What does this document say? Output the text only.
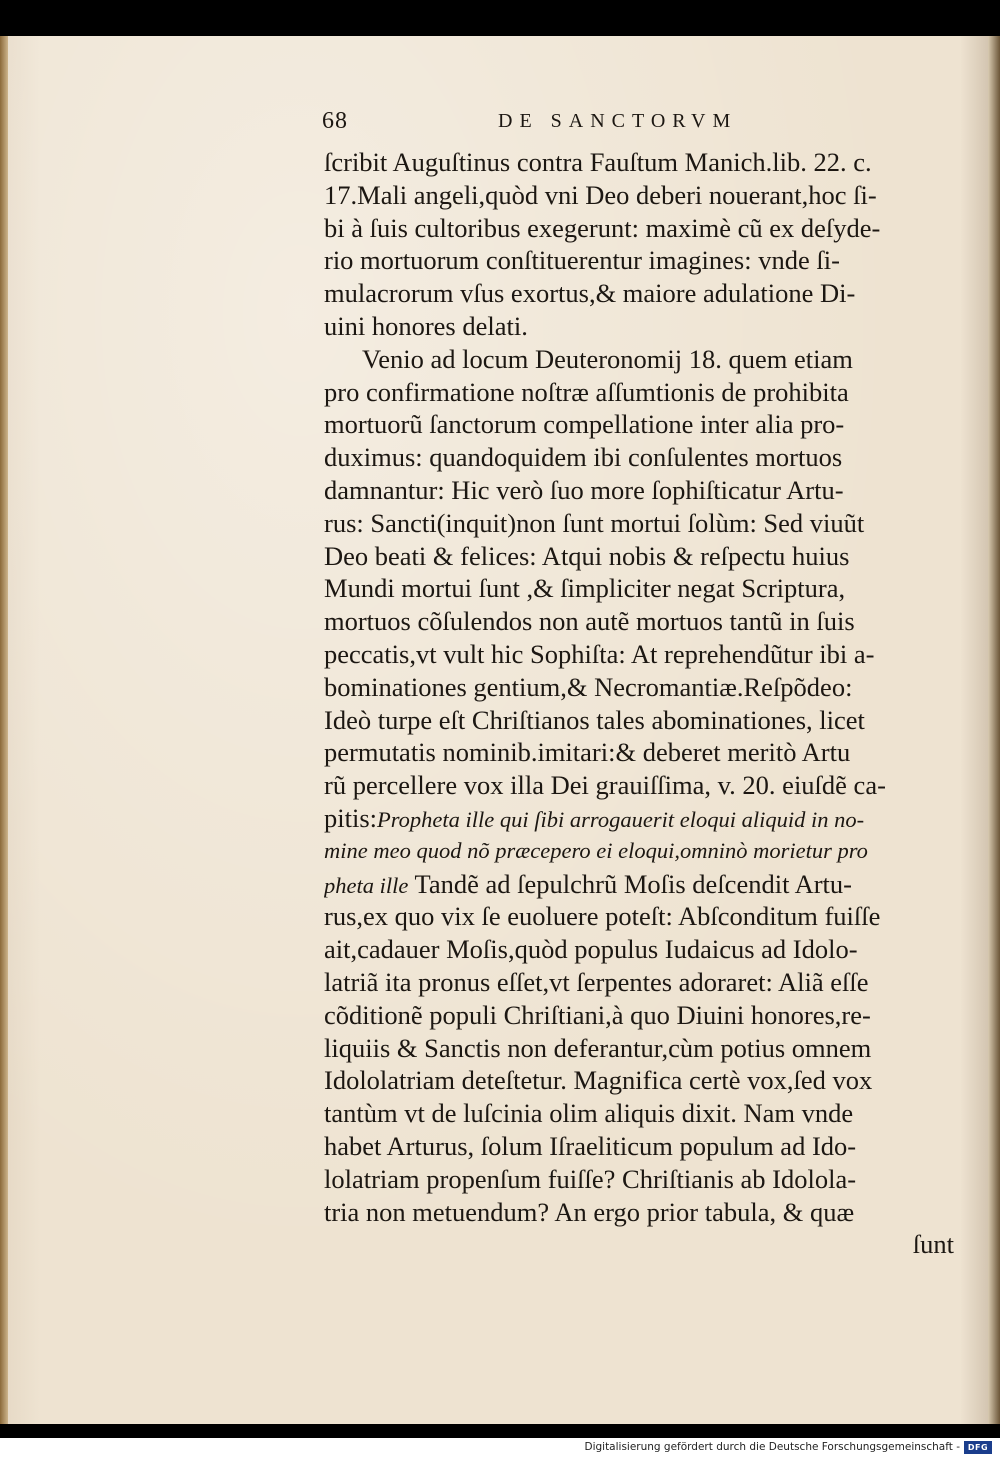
68	DE SANCTORVM
ſcribit Auguſtinus contra Fauſtum Manich.lib. 22. c.
17.Mali angeli,quòd vni Deo deberi nouerant,hoc ſi-
bi à ſuis cultoribus exegerunt: maximè cũ ex deſyde-
rio mortuorum conſtituerentur imagines: vnde ſi-
mulacrorum vſus exortus,& maiore adulatione Di-
uini honores delati.
Venio ad locum Deuteronomij 18. quem etiam
pro confirmatione noſtræ aſſumtionis de prohibita
mortuorũ ſanctorum compellatione inter alia pro-
duximus: quandoquidem ibi conſulentes mortuos
damnantur: Hic verò ſuo more ſophiſticatur Artu-
rus: Sancti(inquit)non ſunt mortui ſolùm: Sed viuũt
Deo beati & felices: Atqui nobis & reſpectu huius
Mundi mortui ſunt ,& ſimpliciter negat Scriptura,
mortuos cõſulendos non autẽ mortuos tantũ in ſuis
peccatis,vt vult hic Sophiſta: At reprehendũtur ibi a-
bominationes gentium,& Necromantiæ.Reſpõdeo:
Ideò turpe eſt Chriſtianos tales abominationes, licet
permutatis nominib.imitari:& deberet meritò Artu
rũ percellere vox illa Dei grauiſſima, v. 20. eiuſdẽ ca-
pitis:Propheta ille qui ſibi arrogauerit eloqui aliquid in no-
mine meo quod nõ præcepero ei eloqui,omninò morietur pro
pheta ille Tandẽ ad ſepulchrũ Moſis deſcendit Artu-
rus,ex quo vix ſe euoluere poteſt: Abſconditum fuiſſe
ait,cadauer Moſis,quòd populus Iudaicus ad Idolo-
latriã ita pronus eſſet,vt ſerpentes adoraret: Aliã eſſe
cõditionẽ populi Chriſtiani,à quo Diuini honores,re-
liquiis & Sanctis non deferantur,cùm potius omnem
Idololatriam deteſtetur. Magnifica certè vox,ſed vox
tantùm vt de luſcinia olim aliquis dixit. Nam vnde
habet Arturus, ſolum Iſraeliticum populum ad Ido-
lolatriam propenſum fuiſſe? Chriſtianis ab Idolola-
tria non metuendum? An ergo prior tabula, & quæ
ſunt
Digitalisierung gefördert durch die Deutsche Forschungsgemeinschaft - DFG
